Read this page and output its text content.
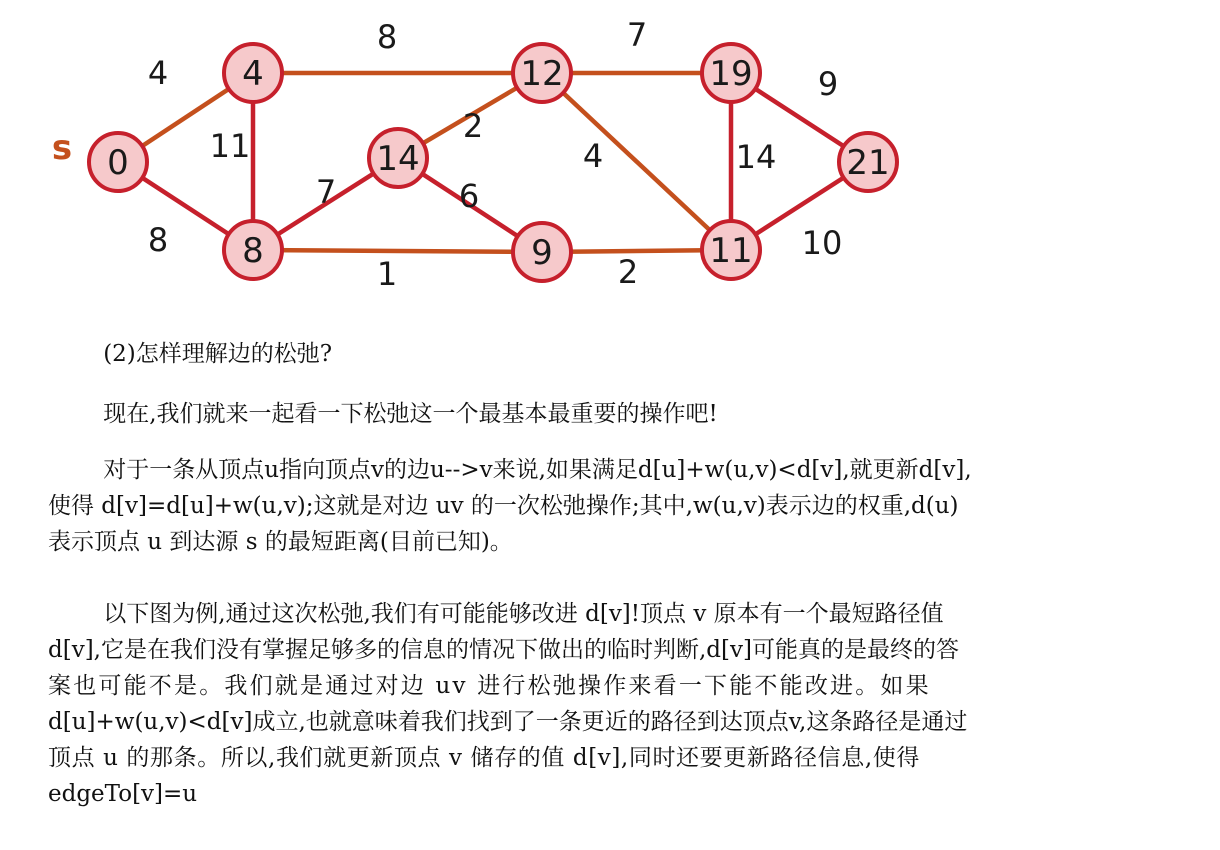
4
8
11
8
7
1
2
6
7
4
2
14
9
10
0
4
8
14
12
9
19
11
21
s

(2)怎样理解边的松弛?

现在,我们就来一起看一下松弛这一个最基本最重要的操作吧!

对于一条从顶点u指向顶点v的边u-->v来说,如果满足d[u]+w(u,v)<d[v],就更新d[v],
使得 d[v]=d[u]+w(u,v);这就是对边 uv 的一次松弛操作;其中,w(u,v)表示边的权重,d(u)
表示顶点 u 到达源 s 的最短距离(目前已知)。
以下图为例,通过这次松弛,我们有可能能够改进 d[v]!顶点 v 原本有一个最短路径值
d[v],它是在我们没有掌握足够多的信息的情况下做出的临时判断,d[v]可能真的是最终的答
案也可能不是。我们就是通过对边 uv 进行松弛操作来看一下能不能改进。如果
d[u]+w(u,v)<d[v]成立,也就意味着我们找到了一条更近的路径到达顶点v,这条路径是通过
顶点 u 的那条。所以,我们就更新顶点 v 储存的值 d[v],同时还要更新路径信息,使得
edgeTo[v]=u
